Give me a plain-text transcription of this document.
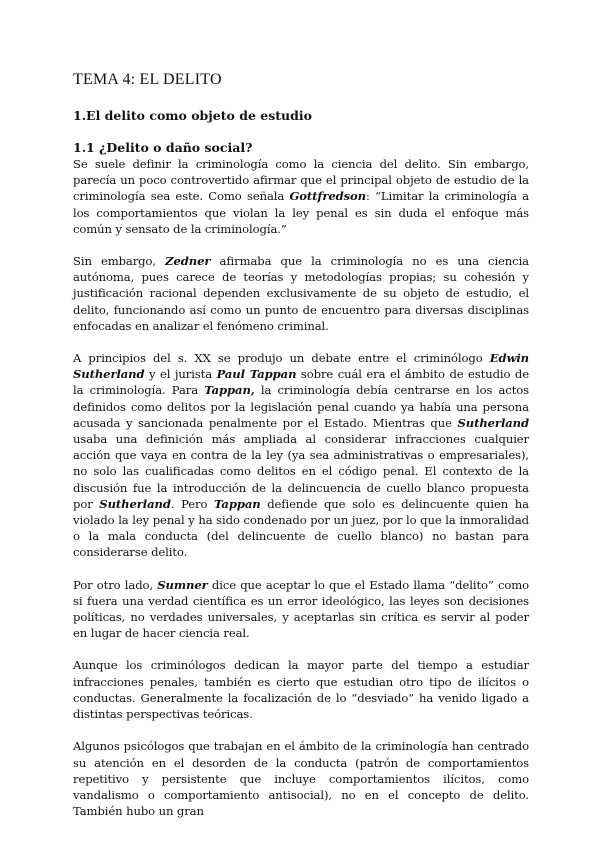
TEMA 4: EL DELITO
1.El delito como objeto de estudio
1.1 ¿Delito o daño social?

Se suele definir la criminología como la ciencia del delito. Sin embargo, parecía un poco controvertido afirmar que el principal objeto de estudio de la criminología sea este. Como señala Gottfredson: “Limitar la criminología a los comportamientos que violan la ley penal es sin duda el enfoque más común y sensato de la criminología.”

Sin embargo, Zedner afirmaba que la criminología no es una ciencia autónoma, pues carece de teorías y metodologías propias; su cohesión y justificación racional dependen exclusivamente de su objeto de estudio, el delito, funcionando así como un punto de encuentro para diversas disciplinas enfocadas en analizar el fenómeno criminal.

A principios del s. XX se produjo un debate entre el criminólogo Edwin Sutherland y el jurista Paul Tappan sobre cuál era el ámbito de estudio de la criminología. Para Tappan, la criminología debía centrarse en los actos definidos como delitos por la legislación penal cuando ya había una persona acusada y sancionada penalmente por el Estado. Mientras que Sutherland usaba una definición más ampliada al considerar infracciones cualquier acción que vaya en contra de la ley (ya sea administrativas o empresariales), no solo las cualificadas como delitos en el código penal. El contexto de la discusión fue la introducción de la delincuencia de cuello blanco propuesta por Sutherland. Pero Tappan defiende que solo es delincuente quien ha violado la ley penal y ha sido condenado por un juez, por lo que la inmoralidad o la mala conducta (del delincuente de cuello blanco) no bastan para considerarse delito.

Por otro lado, Sumner dice que aceptar lo que el Estado llama “delito” como si fuera una verdad científica es un error ideológico, las leyes son decisiones políticas, no verdades universales, y aceptarlas sin crítica es servir al poder en lugar de hacer ciencia real.

Aunque los criminólogos dedican la mayor parte del tiempo a estudiar infracciones penales, también es cierto que estudian otro tipo de ilícitos o conductas. Generalmente la focalización de lo “desviado” ha venido ligado a distintas perspectivas teóricas.

Algunos psicólogos que trabajan en el ámbito de la criminología han centrado su atención en el desorden de la conducta (patrón de comportamientos repetitivo y persistente que incluye comportamientos ilícitos, como vandalismo o comportamiento antisocial), no en el concepto de delito. También hubo un gran
